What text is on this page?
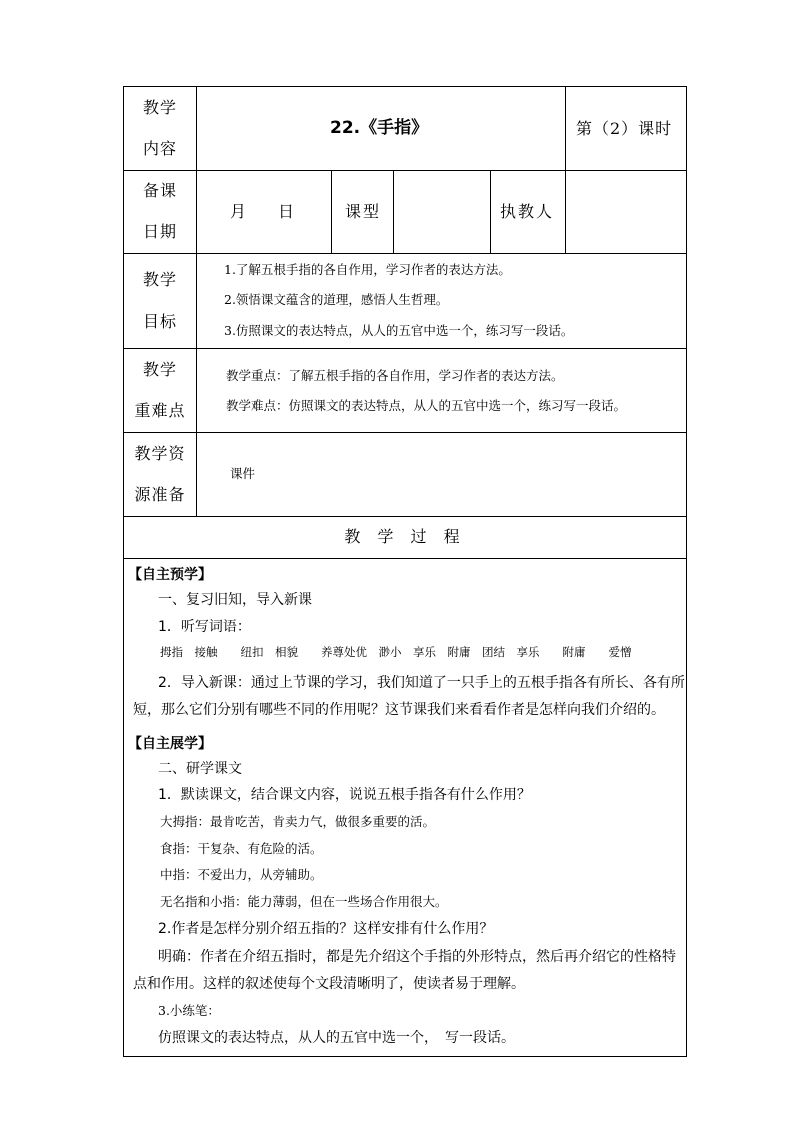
教学
内容
22.《手指》	第（2）课时
备课
日期
月　　日	课型	执教人
教学
目标
1.了解五根手指的各自作用，学习作者的表达方法。
2.领悟课文蕴含的道理，感悟人生哲理。
3.仿照课文的表达特点，从人的五官中选一个，练习写一段话。
教学
重难点
教学重点：了解五根手指的各自作用，学习作者的表达方法。
教学难点：仿照课文的表达特点，从人的五官中选一个，练习写一段话。
教学资
源准备
课件
教 学 过 程
【自主预学】
一、复习旧知，导入新课
1．听写词语：
拇指　接触　　纽扣　相貌　　养尊处优　渺小　享乐　附庸　团结　享乐　　附庸　　爱憎
2．导入新课：通过上节课的学习，我们知道了一只手上的五根手指各有所长、各有所
短，那么它们分别有哪些不同的作用呢？这节课我们来看看作者是怎样向我们介绍的。
【自主展学】
二、研学课文
1．默读课文，结合课文内容，说说五根手指各有什么作用？
大拇指：最肯吃苦，肯卖力气，做很多重要的活。
食指：干复杂、有危险的活。
中指：不爱出力，从旁辅助。
无名指和小指：能力薄弱，但在一些场合作用很大。
2.作者是怎样分别介绍五指的？这样安排有什么作用？
明确：作者在介绍五指时，都是先介绍这个手指的外形特点，然后再介绍它的性格特
点和作用。这样的叙述使每个文段清晰明了，使读者易于理解。
3.小练笔：
仿照课文的表达特点，从人的五官中选一个，　写一段话。
